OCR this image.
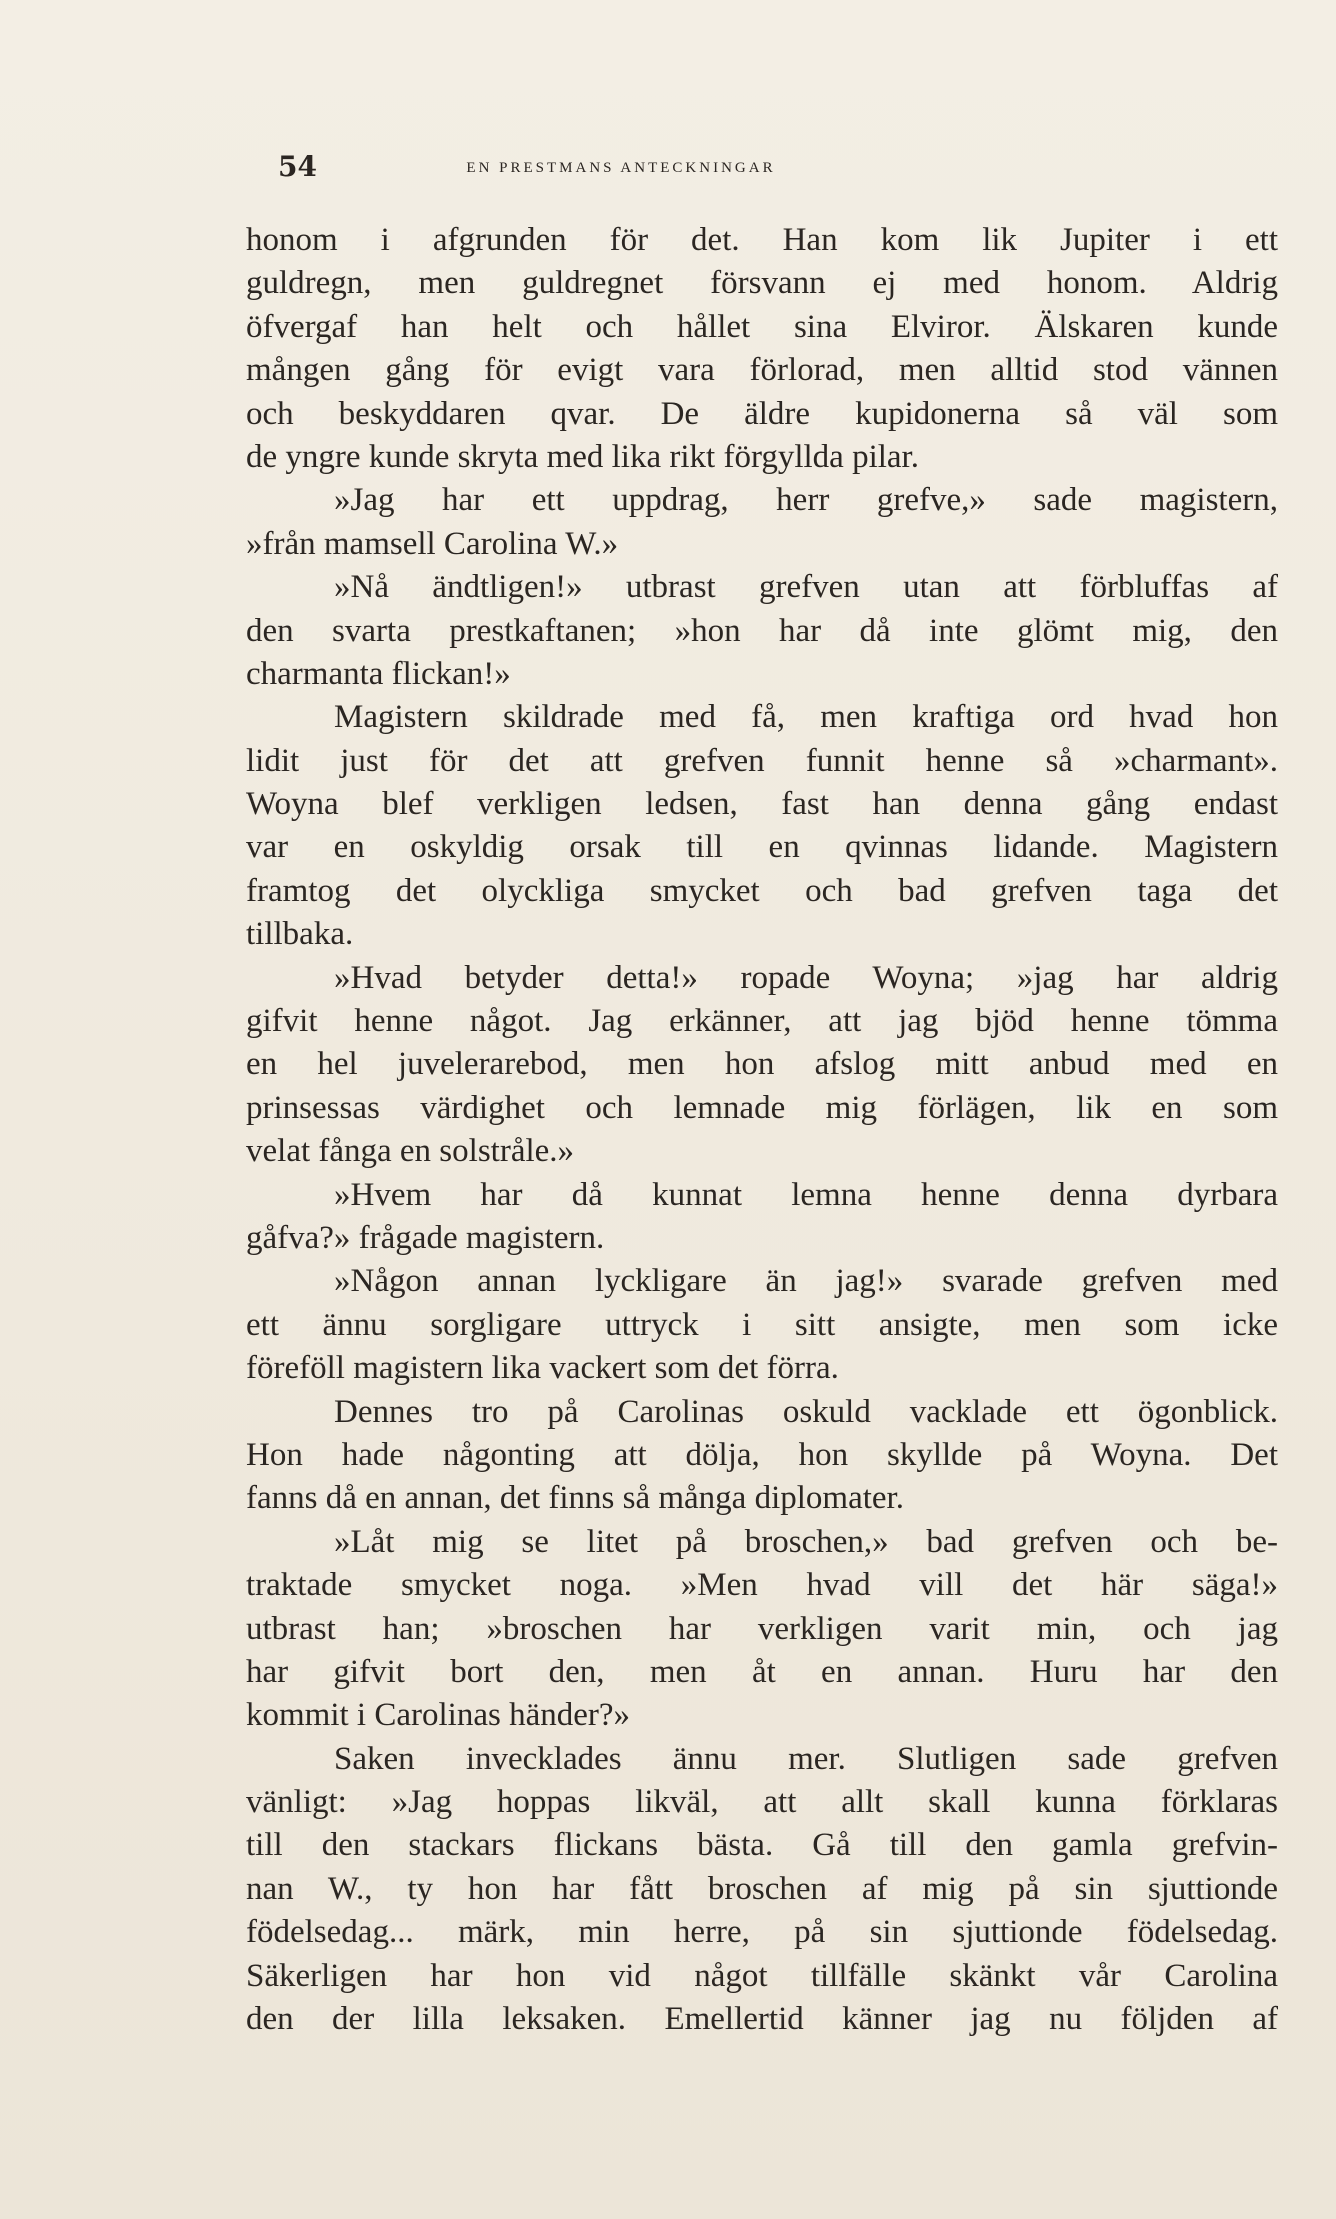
54	EN PRESTMANS ANTECKNINGAR
honom i afgrunden för det. Han kom lik Jupiter i ett
guldregn, men guldregnet försvann ej med honom. Aldrig
öfvergaf han helt och hållet sina Elviror. Älskaren kunde
mången gång för evigt vara förlorad, men alltid stod vännen
och beskyddaren qvar. De äldre kupidonerna så väl som
de yngre kunde skryta med lika rikt förgyllda pilar.
»Jag har ett uppdrag, herr grefve,» sade magistern,
»från mamsell Carolina W.»
»Nå ändtligen!» utbrast grefven utan att förbluffas af
den svarta prestkaftanen; »hon har då inte glömt mig, den
charmanta flickan!»
Magistern skildrade med få, men kraftiga ord hvad hon
lidit just för det att grefven funnit henne så »charmant».
Woyna blef verkligen ledsen, fast han denna gång endast
var en oskyldig orsak till en qvinnas lidande. Magistern
framtog det olyckliga smycket och bad grefven taga det
tillbaka.
»Hvad betyder detta!» ropade Woyna; »jag har aldrig
gifvit henne något. Jag erkänner, att jag bjöd henne tömma
en hel juvelerarebod, men hon afslog mitt anbud med en
prinsessas värdighet och lemnade mig förlägen, lik en som
velat fånga en solstråle.»
»Hvem har då kunnat lemna henne denna dyrbara
gåfva?» frågade magistern.
»Någon annan lyckligare än jag!» svarade grefven med
ett ännu sorgligare uttryck i sitt ansigte, men som icke
föreföll magistern lika vackert som det förra.
Dennes tro på Carolinas oskuld vacklade ett ögonblick.
Hon hade någonting att dölja, hon skyllde på Woyna. Det
fanns då en annan, det finns så många diplomater.
»Låt mig se litet på broschen,» bad grefven och be-
traktade smycket noga. »Men hvad vill det här säga!»
utbrast han; »broschen har verkligen varit min, och jag
har gifvit bort den, men åt en annan. Huru har den
kommit i Carolinas händer?»
Saken invecklades ännu mer. Slutligen sade grefven
vänligt: »Jag hoppas likväl, att allt skall kunna förklaras
till den stackars flickans bästa. Gå till den gamla grefvin-
nan W., ty hon har fått broschen af mig på sin sjuttionde
födelsedag... märk, min herre, på sin sjuttionde födelsedag.
Säkerligen har hon vid något tillfälle skänkt vår Carolina
den der lilla leksaken. Emellertid känner jag nu följden af
